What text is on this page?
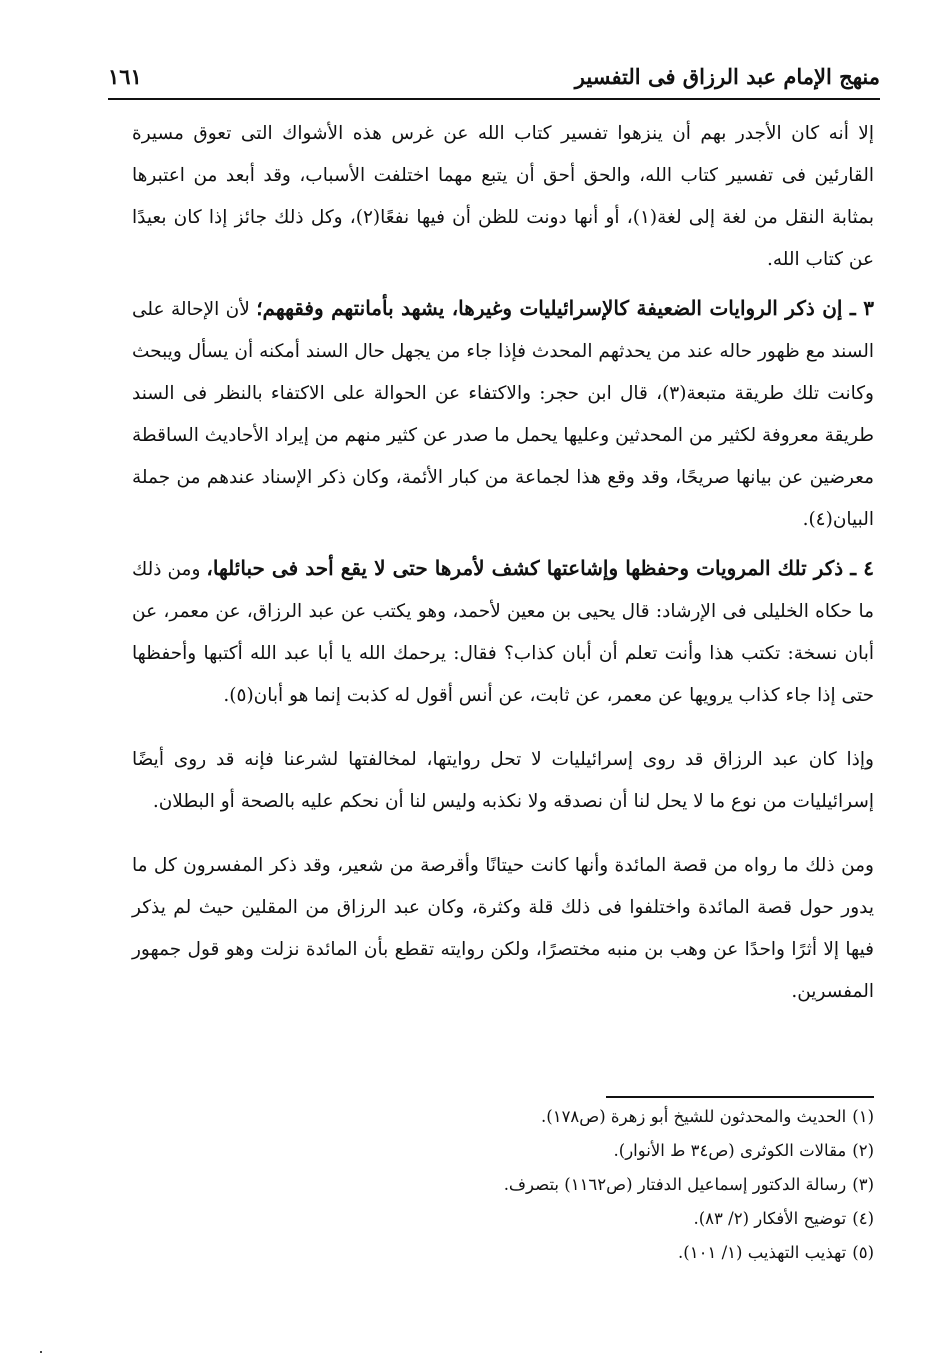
١٦١	منهج الإمام عبد الرزاق فى التفسير

إلا أنه كان الأجدر بهم أن ينزهوا تفسير كتاب الله عن غرس هذه الأشواك التى تعوق مسيرة القارئين فى تفسير كتاب الله، والحق أحق أن يتبع مهما اختلفت الأسباب، وقد أبعد من اعتبرها بمثابة النقل من لغة إلى لغة(١)، أو أنها دونت للظن أن فيها نفعًا(٢)، وكل ذلك جائز إذا كان بعيدًا عن كتاب الله.

٣ ـ إن ذكر الروايات الضعيفة كالإسرائيليات وغيرها، يشهد بأمانتهم وفقههم؛ لأن الإحالة على السند مع ظهور حاله عند من يحدثهم المحدث فإذا جاء من يجهل حال السند أمكنه أن يسأل ويبحث وكانت تلك طريقة متبعة(٣)، قال ابن حجر: والاكتفاء عن الحوالة على الاكتفاء بالنظر فى السند طريقة معروفة لكثير من المحدثين وعليها يحمل ما صدر عن كثير منهم من إيراد الأحاديث الساقطة معرضين عن بيانها صريحًا، وقد وقع هذا لجماعة من كبار الأئمة، وكان ذكر الإسناد عندهم من جملة البيان(٤).

٤ ـ ذكر تلك المرويات وحفظها وإشاعتها كشف لأمرها حتى لا يقع أحد فى حبائلها، ومن ذلك ما حكاه الخليلى فى الإرشاد: قال يحيى بن معين لأحمد، وهو يكتب عن عبد الرزاق، عن معمر، عن أبان نسخة: تكتب هذا وأنت تعلم أن أبان كذاب؟ فقال: يرحمك الله يا أبا عبد الله أكتبها وأحفظها حتى إذا جاء كذاب يرويها عن معمر، عن ثابت، عن أنس أقول له كذبت إنما هو أبان(٥).

وإذا كان عبد الرزاق قد روى إسرائيليات لا تحل روايتها، لمخالفتها لشرعنا فإنه قد روى أيضًا إسرائيليات من نوع ما لا يحل لنا أن نصدقه ولا نكذبه وليس لنا أن نحكم عليه بالصحة أو البطلان.

ومن ذلك ما رواه من قصة المائدة وأنها كانت حيتانًا وأقرصة من شعير، وقد ذكر المفسرون كل ما يدور حول قصة المائدة واختلفوا فى ذلك قلة وكثرة، وكان عبد الرزاق من المقلين حيث لم يذكر فيها إلا أثرًا واحدًا عن وهب بن منبه مختصرًا، ولكن روايته تقطع بأن المائدة نزلت وهو قول جمهور المفسرين.

(١)الحديث والمحدثون للشيخ أبو زهرة (ص١٧٨).
(٢)مقالات الكوثرى (ص٣٤ ط الأنوار).
(٣)رسالة الدكتور إسماعيل الدفتار (ص١١٦٢) بتصرف.
(٤)توضيح الأفكار (٢/ ٨٣).
(٥)تهذيب التهذيب (١/ ١٠١).
